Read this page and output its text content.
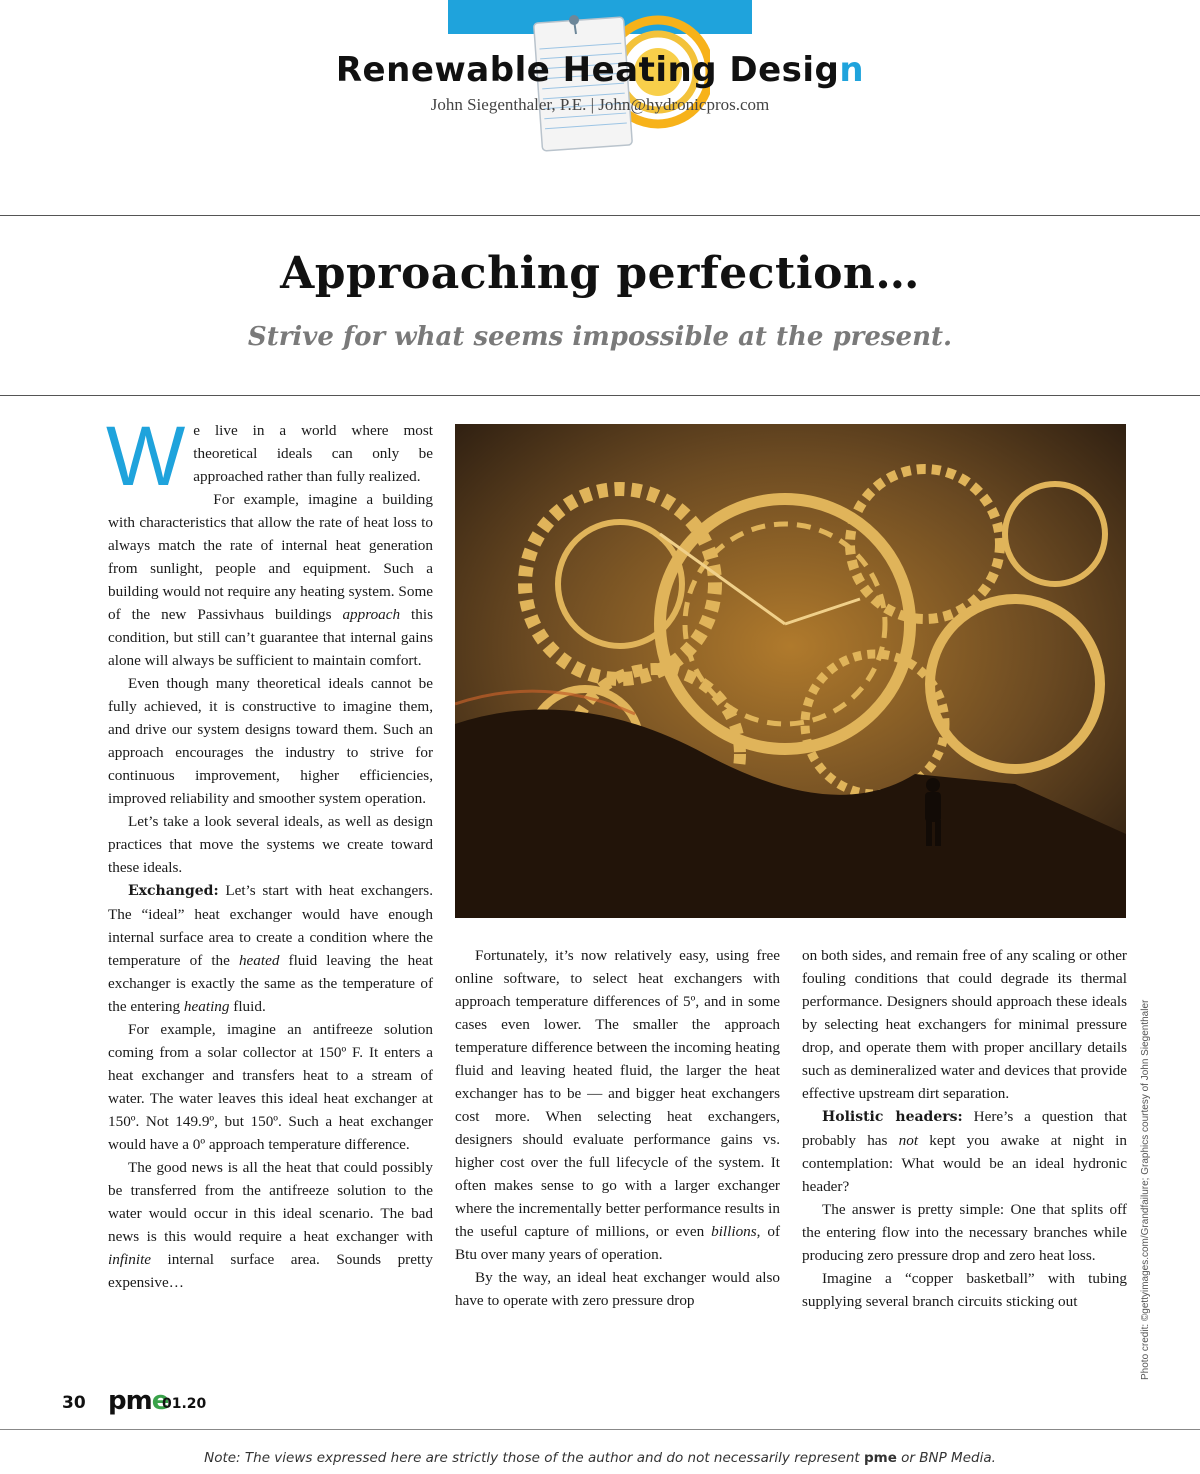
Renewable Heating Design
John Siegenthaler, P.E. | John@hydronicpros.com
Approaching perfection…
Strive for what seems impossible at the present.
W e live in a world where most theoretical ideals can only be approached rather than fully realized.

For example, imagine a building with characteristics that allow the rate of heat loss to always match the rate of internal heat generation from sunlight, people and equipment. Such a building would not require any heating system. Some of the new Passivhaus buildings approach this condition, but still can’t guarantee that internal gains alone will always be sufficient to maintain comfort.

Even though many theoretical ideals cannot be fully achieved, it is constructive to imagine them, and drive our system designs toward them. Such an approach encourages the industry to strive for continuous improvement, higher efficiencies, improved reliability and smoother system operation.

Let’s take a look several ideals, as well as design practices that move the systems we create toward these ideals.

Exchanged: Let’s start with heat exchangers. The “ideal” heat exchanger would have enough internal surface area to create a condition where the temperature of the heated fluid leaving the heat exchanger is exactly the same as the temperature of the entering heating fluid.

For example, imagine an antifreeze solution coming from a solar collector at 150º F. It enters a heat exchanger and transfers heat to a stream of water. The water leaves this ideal heat exchanger at 150º. Not 149.9º, but 150º. Such a heat exchanger would have a 0º approach temperature difference.

The good news is all the heat that could possibly be transferred from the antifreeze solution to the water would occur in this ideal scenario. The bad news is this would require a heat exchanger with infinite internal surface area. Sounds pretty expensive…	Photo credit: ©gettyimages.com/Grandfailure; Graphics courtesy of John Siegenthaler

Fortunately, it’s now relatively easy, using free online software, to select heat exchangers with approach temperature differences of 5º, and in some cases even lower. The smaller the approach temperature difference between the incoming heating fluid and leaving heated fluid, the larger the heat exchanger has to be — and bigger heat exchangers cost more. When selecting heat exchangers, designers should evaluate performance gains vs. higher cost over the full lifecycle of the system. It often makes sense to go with a larger exchanger where the incrementally better performance results in the useful capture of millions, or even billions, of Btu over many years of operation.

By the way, an ideal heat exchanger would also have to operate with zero pressure drop

on both sides, and remain free of any scaling or other fouling conditions that could degrade its thermal performance. Designers should approach these ideals by selecting heat exchangers for minimal pressure drop, and operate them with proper ancillary details such as demineralized water and devices that provide effective upstream dirt separation.

Holistic headers: Here’s a question that probably has not kept you awake at night in contemplation: What would be an ideal hydronic header?

The answer is pretty simple: One that splits off the entering flow into the necessary branches while producing zero pressure drop and zero heat loss.

Imagine a “copper basketball” with tubing supplying several branch circuits sticking out

Note: The views expressed here are strictly those of the author and do not necessarily represent pme or BNP Media.
30 pme
01.20
